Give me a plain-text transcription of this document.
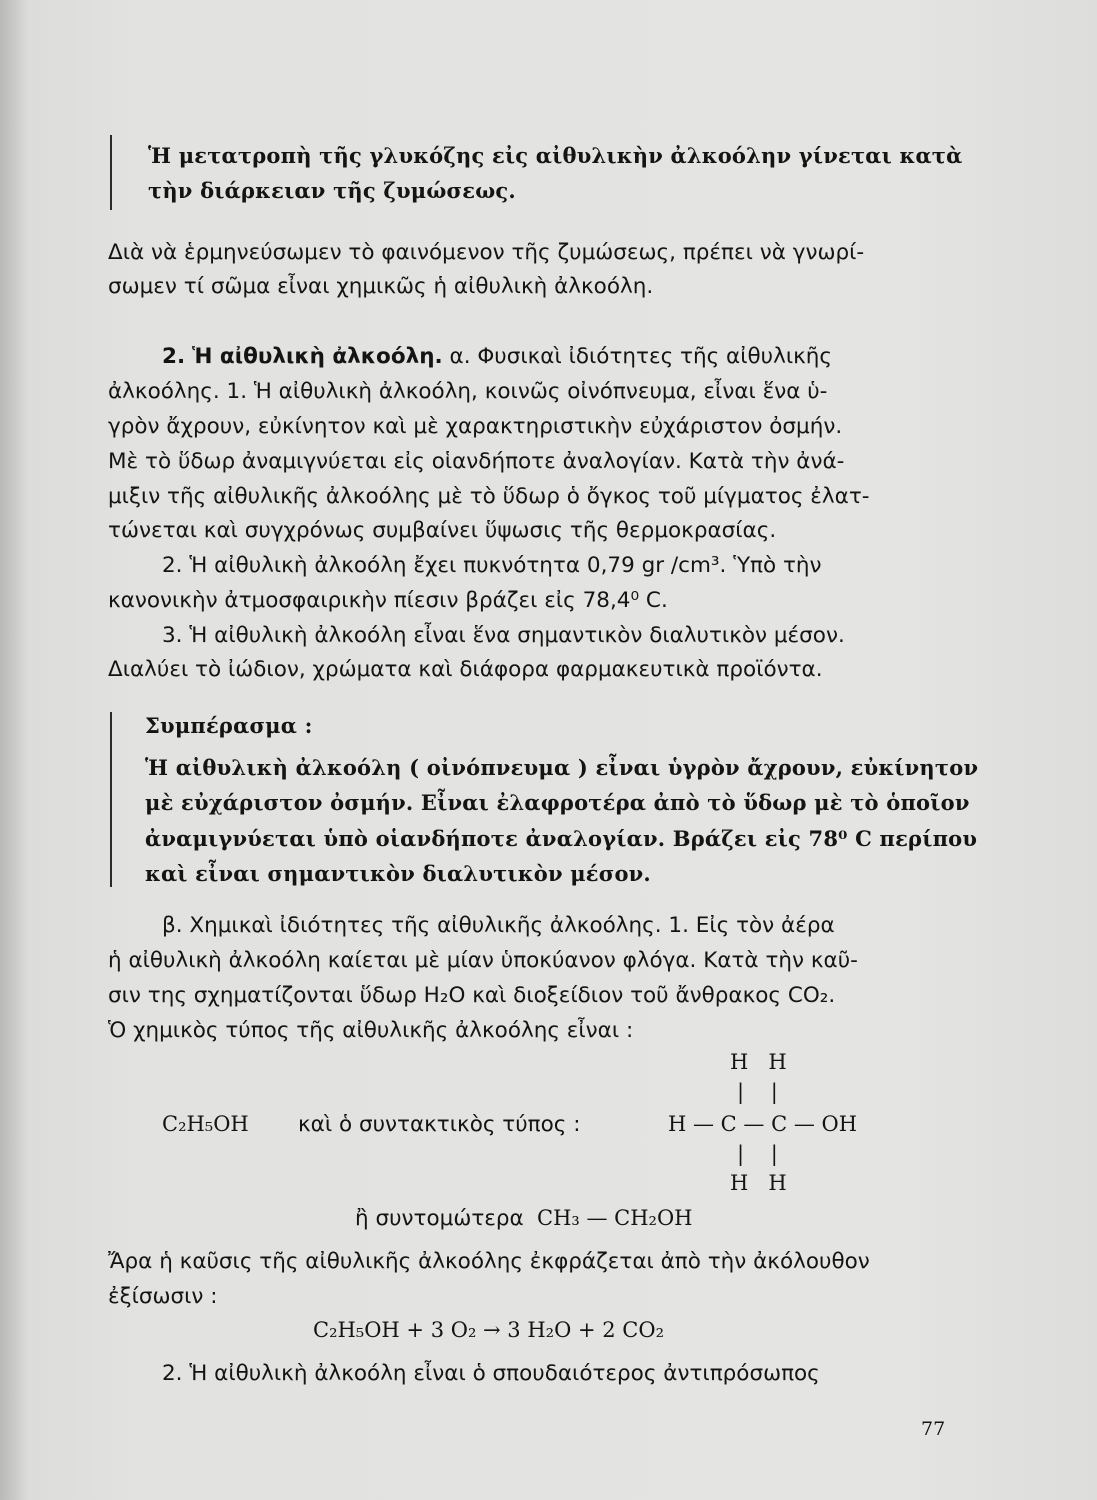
Ἡ μετατροπὴ τῆς γλυκόζης εἰς αἰθυλικὴν ἀλκοόλην γίνεται κατὰ
τὴν διάρκειαν τῆς ζυμώσεως.
Διὰ νὰ ἑρμηνεύσωμεν τὸ φαινόμενον τῆς ζυμώσεως, πρέπει νὰ γνωρί-
σωμεν τί σῶμα εἶναι χημικῶς ἡ αἰθυλικὴ ἀλκοόλη.
2. Ἡ αἰθυλικὴ ἀλκοόλη. α. Φυσικαὶ ἰδιότητες τῆς αἰθυλικῆς
ἀλκοόλης. 1. Ἡ αἰθυλικὴ ἀλκοόλη, κοινῶς οἰνόπνευμα, εἶναι ἕνα ὑ-
γρὸν ἄχρουν, εὐκίνητον καὶ μὲ χαρακτηριστικὴν εὐχάριστον ὀσμήν.
Μὲ τὸ ὕδωρ ἀναμιγνύεται εἰς οἱανδήποτε ἀναλογίαν. Κατὰ τὴν ἀνά-
μιξιν τῆς αἰθυλικῆς ἀλκοόλης μὲ τὸ ὕδωρ ὁ ὄγκος τοῦ μίγματος ἐλατ-
τώνεται καὶ συγχρόνως συμβαίνει ὕψωσις τῆς θερμοκρασίας.
2. Ἡ αἰθυλικὴ ἀλκοόλη ἔχει πυκνότητα 0,79 gr /cm³. Ὑπὸ τὴν
κανονικὴν ἀτμοσφαιρικὴν πίεσιν βράζει εἰς 78,4⁰ C.
3. Ἡ αἰθυλικὴ ἀλκοόλη εἶναι ἕνα σημαντικὸν διαλυτικὸν μέσον.
Διαλύει τὸ ἰώδιον, χρώματα καὶ διάφορα φαρμακευτικὰ προϊόντα.
Συμπέρασμα :
Ἡ αἰθυλικὴ ἀλκοόλη ( οἰνόπνευμα ) εἶναι ὑγρὸν ἄχρουν, εὐκίνητον
μὲ εὐχάριστον ὀσμήν. Εἶναι ἐλαφροτέρα ἀπὸ τὸ ὕδωρ μὲ τὸ ὁποῖον
ἀναμιγνύεται ὑπὸ οἱανδήποτε ἀναλογίαν. Βράζει εἰς 78⁰ C περίπου
καὶ εἶναι σημαντικὸν διαλυτικὸν μέσον.
β. Χημικαὶ ἰδιότητες τῆς αἰθυλικῆς ἀλκοόλης. 1. Εἰς τὸν ἀέρα
ἡ αἰθυλικὴ ἀλκοόλη καίεται μὲ μίαν ὑποκύανον φλόγα. Κατὰ τὴν καῦ-
σιν της σχηματίζονται ὕδωρ H₂O καὶ διοξείδιον τοῦ ἄνθρακος CO₂.
Ὁ χημικὸς τύπος τῆς αἰθυλικῆς ἀλκοόλης εἶναι :
C₂H₅OH καὶ ὁ συντακτικὸς τύπος :
H   H
|    |
H — C — C — OH
|    |
H   H
ἢ συντομώτερα CH₃ — CH₂OH
Ἄρα ἡ καῦσις τῆς αἰθυλικῆς ἀλκοόλης ἐκφράζεται ἀπὸ τὴν ἀκόλουθον
ἐξίσωσιν :
C₂H₅OH + 3 O₂ → 3 H₂O + 2 CO₂
2. Ἡ αἰθυλικὴ ἀλκοόλη εἶναι ὁ σπουδαιότερος ἀντιπρόσωπος
77
